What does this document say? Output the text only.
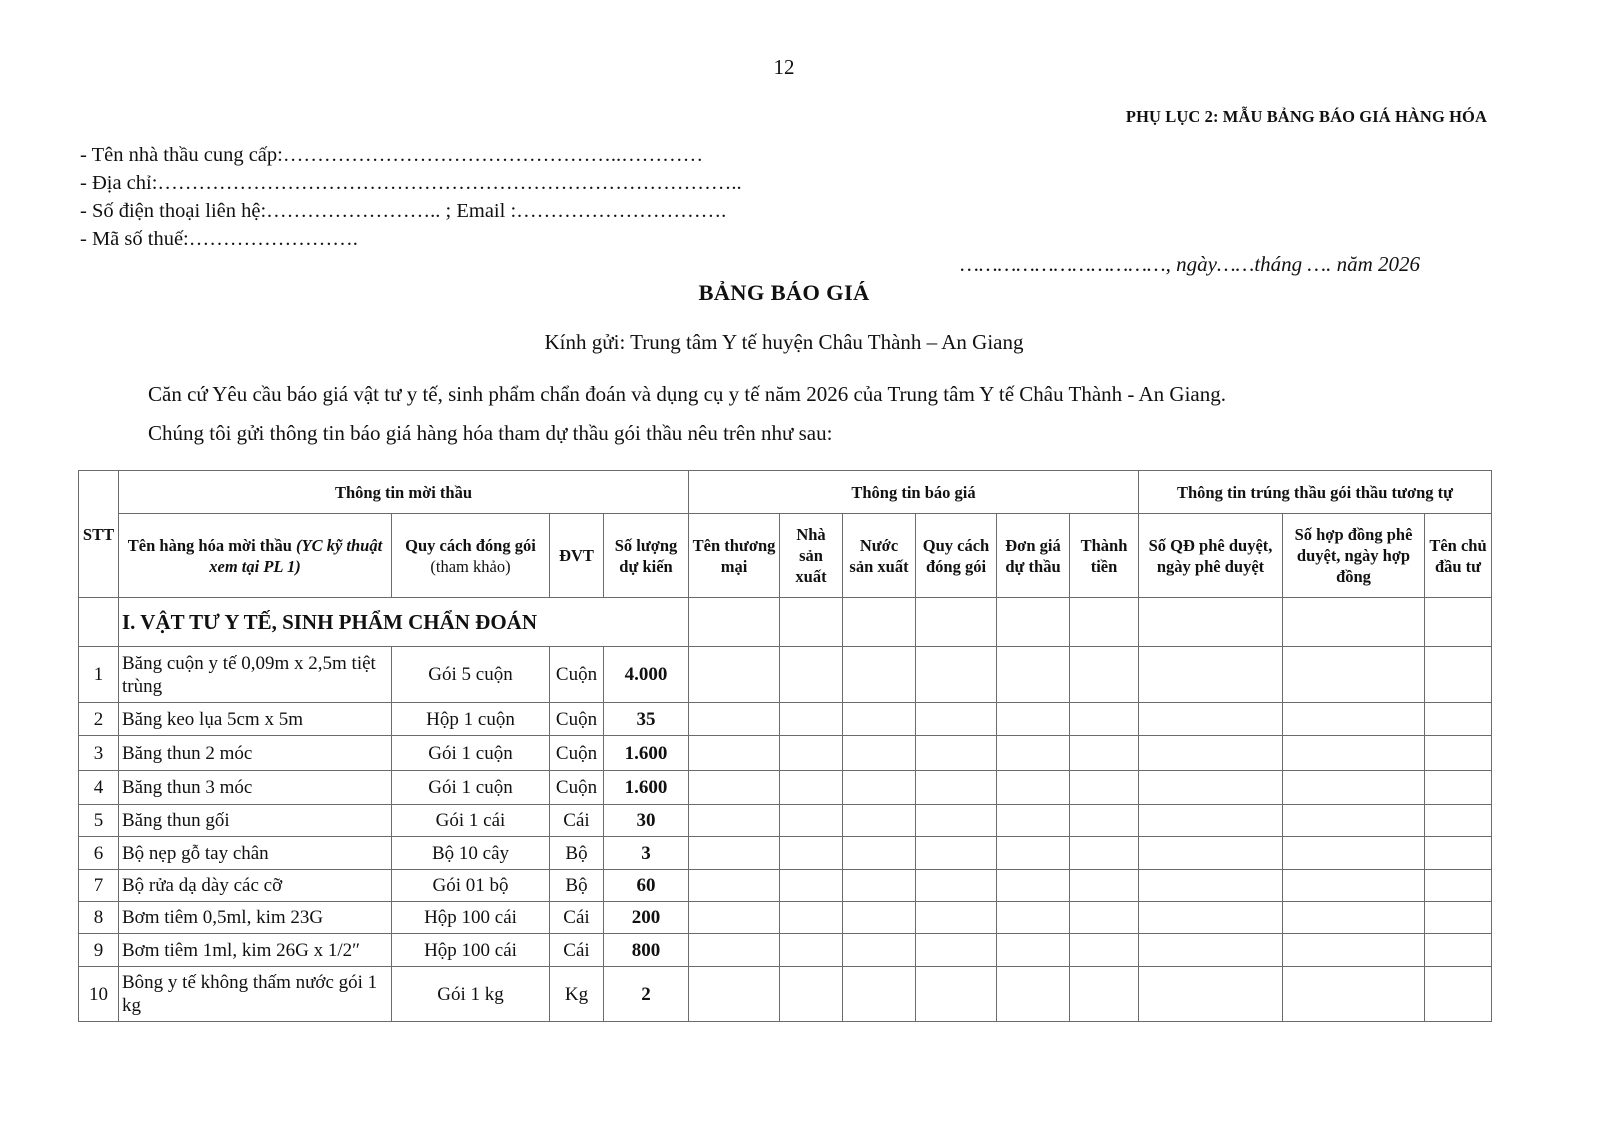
12
PHỤ LỤC 2: MẪU BẢNG BÁO GIÁ HÀNG HÓA
- Tên nhà thầu cung cấp:…………………………………………..…………
- Địa chỉ:…………………………………………………………………………..
- Số điện thoại liên hệ:…………………….. ; Email :………………………….
- Mã số thuế:…………………….
……………………………, ngày……tháng …. năm 2026
BẢNG BÁO GIÁ
Kính gửi: Trung tâm Y tế huyện Châu Thành – An Giang
Căn cứ Yêu cầu báo giá vật tư y tế, sinh phẩm chẩn đoán và dụng cụ y tế năm 2026 của Trung tâm Y tế Châu Thành - An Giang.
Chúng tôi gửi thông tin báo giá hàng hóa tham dự thầu gói thầu nêu trên như sau:
STT	Thông tin mời thầu				Thông tin báo giá						Thông tin trúng thầu gói thầu tương tự		
	Tên hàng hóa mời thầu (YC kỹ thuật xem tại PL 1)	Quy cách đóng gói
(tham khảo)	ĐVT	Số lượng dự kiến	Tên thương mại	Nhà sản xuất	Nước sản xuất	Quy cách đóng gói	Đơn giá dự thầu	Thành tiền	Số QĐ phê duyệt, ngày phê duyệt	Số hợp đồng phê duyệt, ngày hợp đồng	Tên chủ đầu tư
	I. VẬT TƯ Y TẾ, SINH PHẨM CHẨN ĐOÁN												
1	Băng cuộn y tế 0,09m x 2,5m tiệt trùng	Gói 5 cuộn	Cuộn	4.000									
2	Băng keo lụa 5cm x 5m	Hộp 1 cuộn	Cuộn	35									
3	Băng thun 2 móc	Gói 1 cuộn	Cuộn	1.600									
4	Băng thun 3 móc	Gói 1 cuộn	Cuộn	1.600									
5	Băng thun gối	Gói 1 cái	Cái	30									
6	Bộ nẹp gỗ tay chân	Bộ 10 cây	Bộ	3									
7	Bộ rửa dạ dày các cỡ	Gói 01 bộ	Bộ	60									
8	Bơm tiêm 0,5ml, kim 23G	Hộp 100 cái	Cái	200									
9	Bơm tiêm 1ml, kim 26G x 1/2″	Hộp 100 cái	Cái	800									
10	Bông y tế không thấm nước gói 1 kg	Gói 1 kg	Kg	2									
